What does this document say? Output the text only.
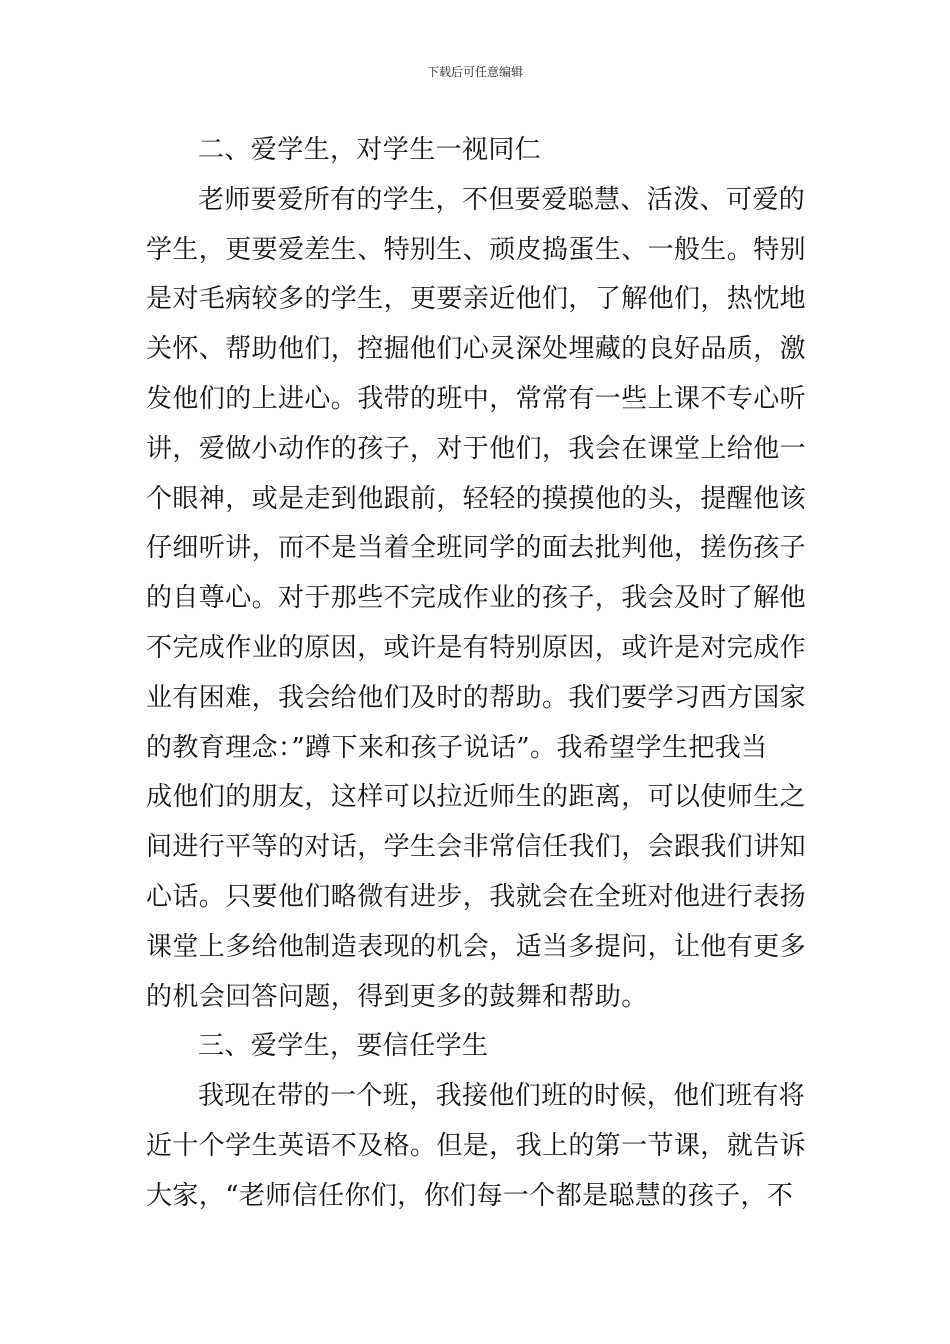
下载后可任意编辑
二、爱学生，对学生一视同仁
老师要爱所有的学生，不但要爱聪慧、活泼、可爱的
学生，更要爱差生、特别生、顽皮捣蛋生、一般生。特别
是对毛病较多的学生，更要亲近他们，了解他们，热忱地
关怀、帮助他们，控掘他们心灵深处埋藏的良好品质，激
发他们的上进心。我带的班中，常常有一些上课不专心听
讲，爱做小动作的孩子，对于他们，我会在课堂上给他一
个眼神，或是走到他跟前，轻轻的摸摸他的头，提醒他该
仔细听讲，而不是当着全班同学的面去批判他，搓伤孩子
的自尊心。对于那些不完成作业的孩子，我会及时了解他
不完成作业的原因，或许是有特别原因，或许是对完成作
业有困难，我会给他们及时的帮助。我们要学习西方国家
的教育理念：”蹲下来和孩子说话”。我希望学生把我当
成他们的朋友，这样可以拉近师生的距离，可以使师生之
间进行平等的对话，学生会非常信任我们，会跟我们讲知
心话。只要他们略微有进步，我就会在全班对他进行表扬
课堂上多给他制造表现的机会，适当多提问，让他有更多
的机会回答问题，得到更多的鼓舞和帮助。
三、爱学生，要信任学生
我现在带的一个班，我接他们班的时候，他们班有将
近十个学生英语不及格。但是，我上的第一节课，就告诉
大家，“老师信任你们，你们每一个都是聪慧的孩子，不
